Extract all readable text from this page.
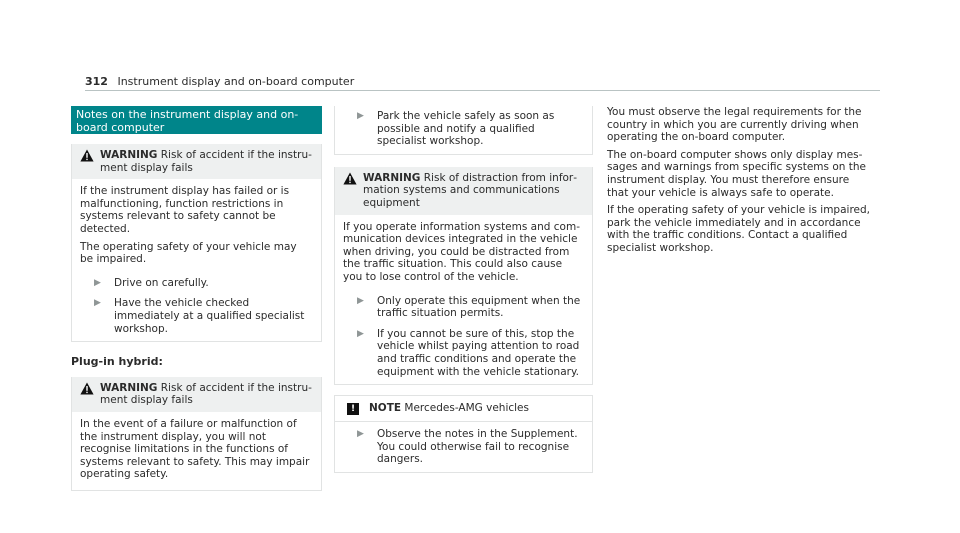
312 Instrument display and on-board computer
Notes on the instrument display and on-board computer
WARNING Risk of accident if the instru ment display fails

If the instrument display has failed or is malfunctioning, function restrictions in systems relevant to safety cannot be detected.

The operating safety of your vehicle may be impaired.

▶	Drive on carefully.
▶	Have the vehicle checked immediately at a qualified specialist workshop.
Plug-in hybrid:
WARNING Risk of accident if the instru ment display fails

In the event of a failure or malfunction of the instrument display, you will not recognise limitations in the functions of systems relevant to safety. This may impair operating safety.

▶	Park the vehicle safely as soon as possible and notify a qualified specialist workshop.
WARNING Risk of distraction from infor mation systems and communications equipment

If you operate information systems and communication devices integrated in the vehicle when driving, you could be distracted from the traffic situation. This could also cause you to lose control of the vehicle.

▶	Only operate this equipment when the traffic situation permits.
▶	If you cannot be sure of this, stop the vehicle whilst paying attention to road and traffic conditions and operate the equipment with the vehicle stationary.
!	NOTE Mercedes-AMG vehicles
▶	Observe the notes in the Supplement. You could otherwise fail to recognise dangers.

You must observe the legal requirements for the country in which you are currently driving when operating the on-board computer.

The on-board computer shows only display messages and warnings from specific systems on the instrument display. You must therefore ensure that your vehicle is always safe to operate.

If the operating safety of your vehicle is impaired, park the vehicle immediately and in accordance with the traffic conditions. Contact a qualified specialist workshop.
